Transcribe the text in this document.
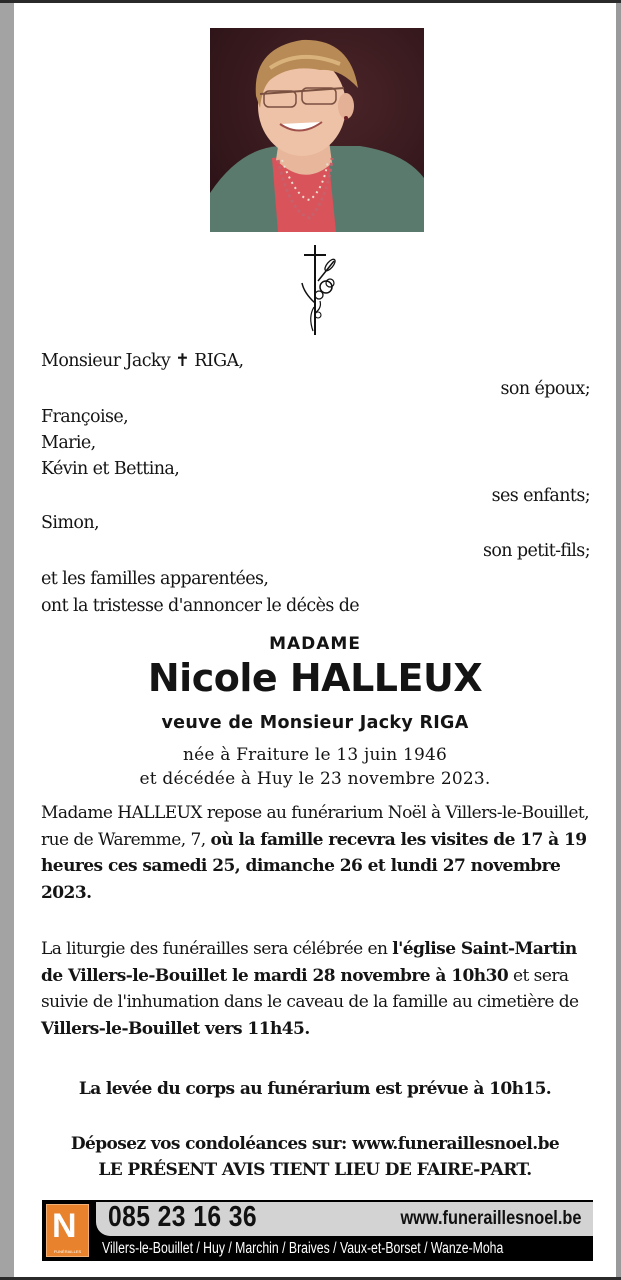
Monsieur Jacky ✝ RIGA,
son époux;
Françoise,
Marie,
Kévin et Bettina,
ses enfants;
Simon,
son petit-fils;
et les familles apparentées,
ont la tristesse d'annoncer le décès de
MADAME
Nicole HALLEUX
veuve de Monsieur Jacky RIGA
née à Fraiture le 13 juin 1946
et décédée à Huy le 23 novembre 2023.
Madame HALLEUX repose au funérarium Noël à Villers-le-Bouillet, rue de Waremme, 7, où la famille recevra les visites de 17 à 19 heures ces samedi 25, dimanche 26 et lundi 27 novembre 2023.
La liturgie des funérailles sera célébrée en l'église Saint-Martin de Villers-le-Bouillet le mardi 28 novembre à 10h30 et sera suivie de l'inhumation dans le caveau de la famille au cimetière de Villers-le-Bouillet vers 11h45.
La levée du corps au funérarium est prévue à 10h15.
Déposez vos condoléances sur: www.funeraillesnoel.be
LE PRÉSENT AVIS TIENT LIEU DE FAIRE-PART.
N
FUNÉRAILLES
085 23 16 36	www.funeraillesnoel.be
Villers-le-Bouillet / Huy / Marchin / Braives / Vaux-et-Borset / Wanze-Moha
